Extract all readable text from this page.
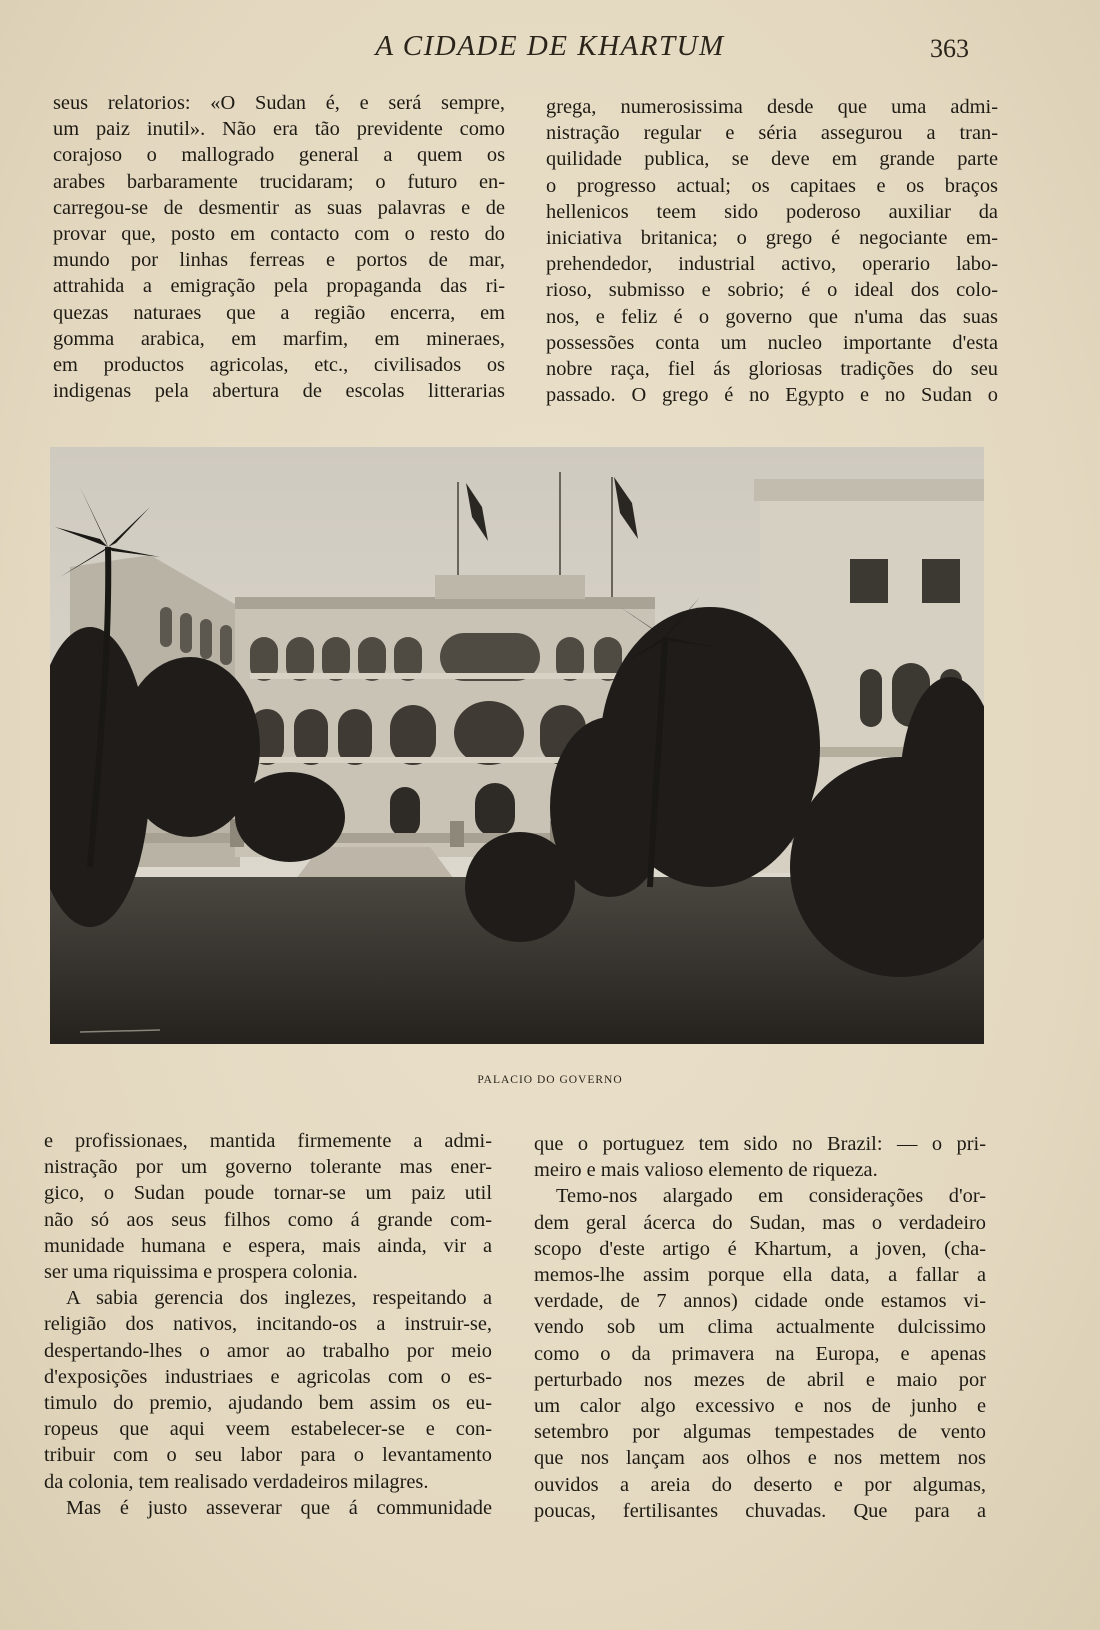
A CIDADE DE KHARTUM	363
seus relatorios: «O Sudan é, e será sempre,
um paiz inutil». Não era tão previdente como
corajoso o mallogrado general a quem os
arabes barbaramente trucidaram; o futuro en-
carregou-se de desmentir as suas palavras e de
provar que, posto em contacto com o resto do
mundo por linhas ferreas e portos de mar,
attrahida a emigração pela propaganda das ri-
quezas naturaes que a região encerra, em
gomma arabica, em marfim, em mineraes,
em productos agricolas, etc., civilisados os
indigenas pela abertura de escolas litterarias
grega, numerosissima desde que uma admi-
nistração regular e séria assegurou a tran-
quilidade publica, se deve em grande parte
o progresso actual; os capitaes e os braços
hellenicos teem sido poderoso auxiliar da
iniciativa britanica; o grego é negociante em-
prehendedor, industrial activo, operario labo-
rioso, submisso e sobrio; é o ideal dos colo-
nos, e feliz é o governo que n'uma das suas
possessões conta um nucleo importante d'esta
nobre raça, fiel ás gloriosas tradições do seu
passado. O grego é no Egypto e no Sudan o
PALACIO DO GOVERNO
e profissionaes, mantida firmemente a admi-
nistração por um governo tolerante mas ener-
gico, o Sudan poude tornar-se um paiz util
não só aos seus filhos como á grande com-
munidade humana e espera, mais ainda, vir a
ser uma riquissima e prospera colonia.
A sabia gerencia dos inglezes, respeitando a
religião dos nativos, incitando-os a instruir-se,
despertando-lhes o amor ao trabalho por meio
d'exposições industriaes e agricolas com o es-
timulo do premio, ajudando bem assim os eu-
ropeus que aqui veem estabelecer-se e con-
tribuir com o seu labor para o levantamento
da colonia, tem realisado verdadeiros milagres.
Mas é justo asseverar que á communidade
que o portuguez tem sido no Brazil: — o pri-
meiro e mais valioso elemento de riqueza.
Temo-nos alargado em considerações d'or-
dem geral ácerca do Sudan, mas o verdadeiro
scopo d'este artigo é Khartum, a joven, (cha-
memos-lhe assim porque ella data, a fallar a
verdade, de 7 annos) cidade onde estamos vi-
vendo sob um clima actualmente dulcissimo
como o da primavera na Europa, e apenas
perturbado nos mezes de abril e maio por
um calor algo excessivo e nos de junho e
setembro por algumas tempestades de vento
que nos lançam aos olhos e nos mettem nos
ouvidos a areia do deserto e por algumas,
poucas, fertilisantes chuvadas. Que para a
